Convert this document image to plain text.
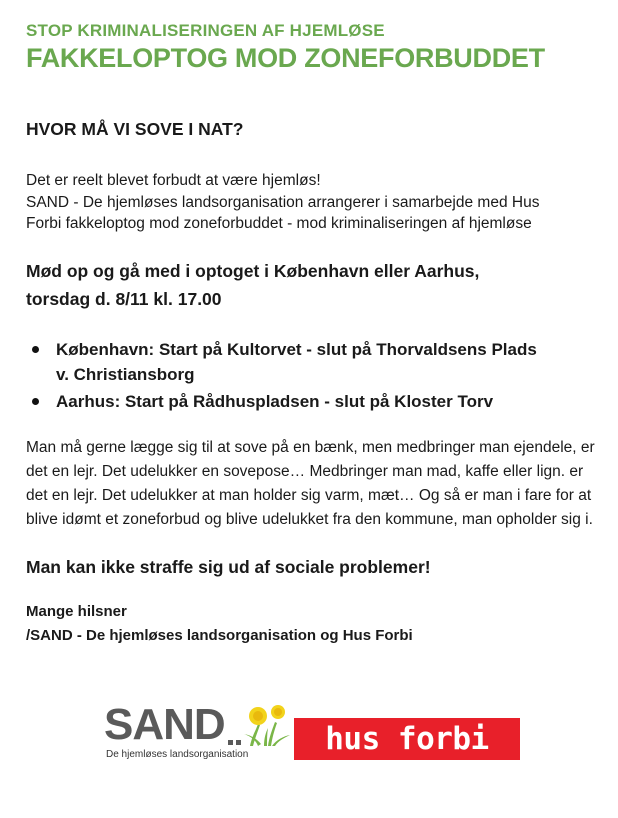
STOP KRIMINALISERINGEN AF HJEMLØSE

FAKKELOPTOG MOD ZONEFORBUDDET

HVOR MÅ VI SOVE I NAT?

Det er reelt blevet forbudt at være hjemløs!

SAND - De hjemløses landsorganisation arrangerer i samarbejde med Hus

Forbi fakkeloptog mod zoneforbuddet - mod kriminaliseringen af hjemløse

Mød op og gå med i optoget i København eller Aarhus,

torsdag d. 8/11 kl. 17.00

København: Start på Kultorvet - slut på Thorvaldsens Plads
v. Christiansborg
Aarhus: Start på Rådhuspladsen - slut på Kloster Torv

Man må gerne lægge sig til at sove på en bænk, men medbringer man ejendele, er det en lejr. Det udelukker en sovepose… Medbringer man mad, kaffe eller lign. er det en lejr. Det udelukker at man holder sig varm, mæt… Og så er man i fare for at blive idømt et zoneforbud og blive udelukket fra den kommune, man opholder sig i.

Man kan ikke straffe sig ud af sociale problemer!

Mange hilsner

/SAND - De hjemløses landsorganisation og Hus Forbi

SAND
De hjemløses landsorganisation	hus forbi
